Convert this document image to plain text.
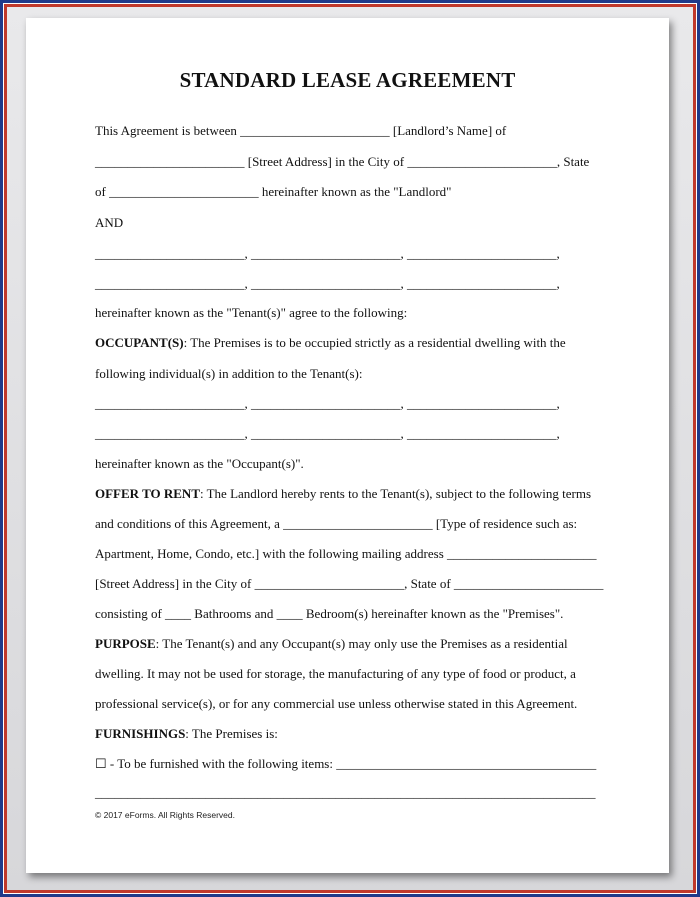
STANDARD LEASE AGREEMENT
This Agreement is between _______________________ [Landlord’s Name] of
_______________________ [Street Address] in the City of _______________________, State
of _______________________ hereinafter known as the "Landlord"
AND
_______________________, _______________________, _______________________,
_______________________, _______________________, _______________________,
hereinafter known as the "Tenant(s)" agree to the following:
OCCUPANT(S): The Premises is to be occupied strictly as a residential dwelling with the
following individual(s) in addition to the Tenant(s):
_______________________, _______________________, _______________________,
_______________________, _______________________, _______________________,
hereinafter known as the "Occupant(s)".
OFFER TO RENT: The Landlord hereby rents to the Tenant(s), subject to the following terms
and conditions of this Agreement, a _______________________ [Type of residence such as:
Apartment, Home, Condo, etc.] with the following mailing address _______________________
[Street Address] in the City of _______________________, State of _______________________
consisting of ____ Bathrooms and ____ Bedroom(s) hereinafter known as the "Premises".
PURPOSE: The Tenant(s) and any Occupant(s) may only use the Premises as a residential
dwelling. It may not be used for storage, the manufacturing of any type of food or product, a
professional service(s), or for any commercial use unless otherwise stated in this Agreement.
FURNISHINGS: The Premises is:
☐ - To be furnished with the following items: ________________________________________
_____________________________________________________________________________
© 2017 eForms. All Rights Reserved.
